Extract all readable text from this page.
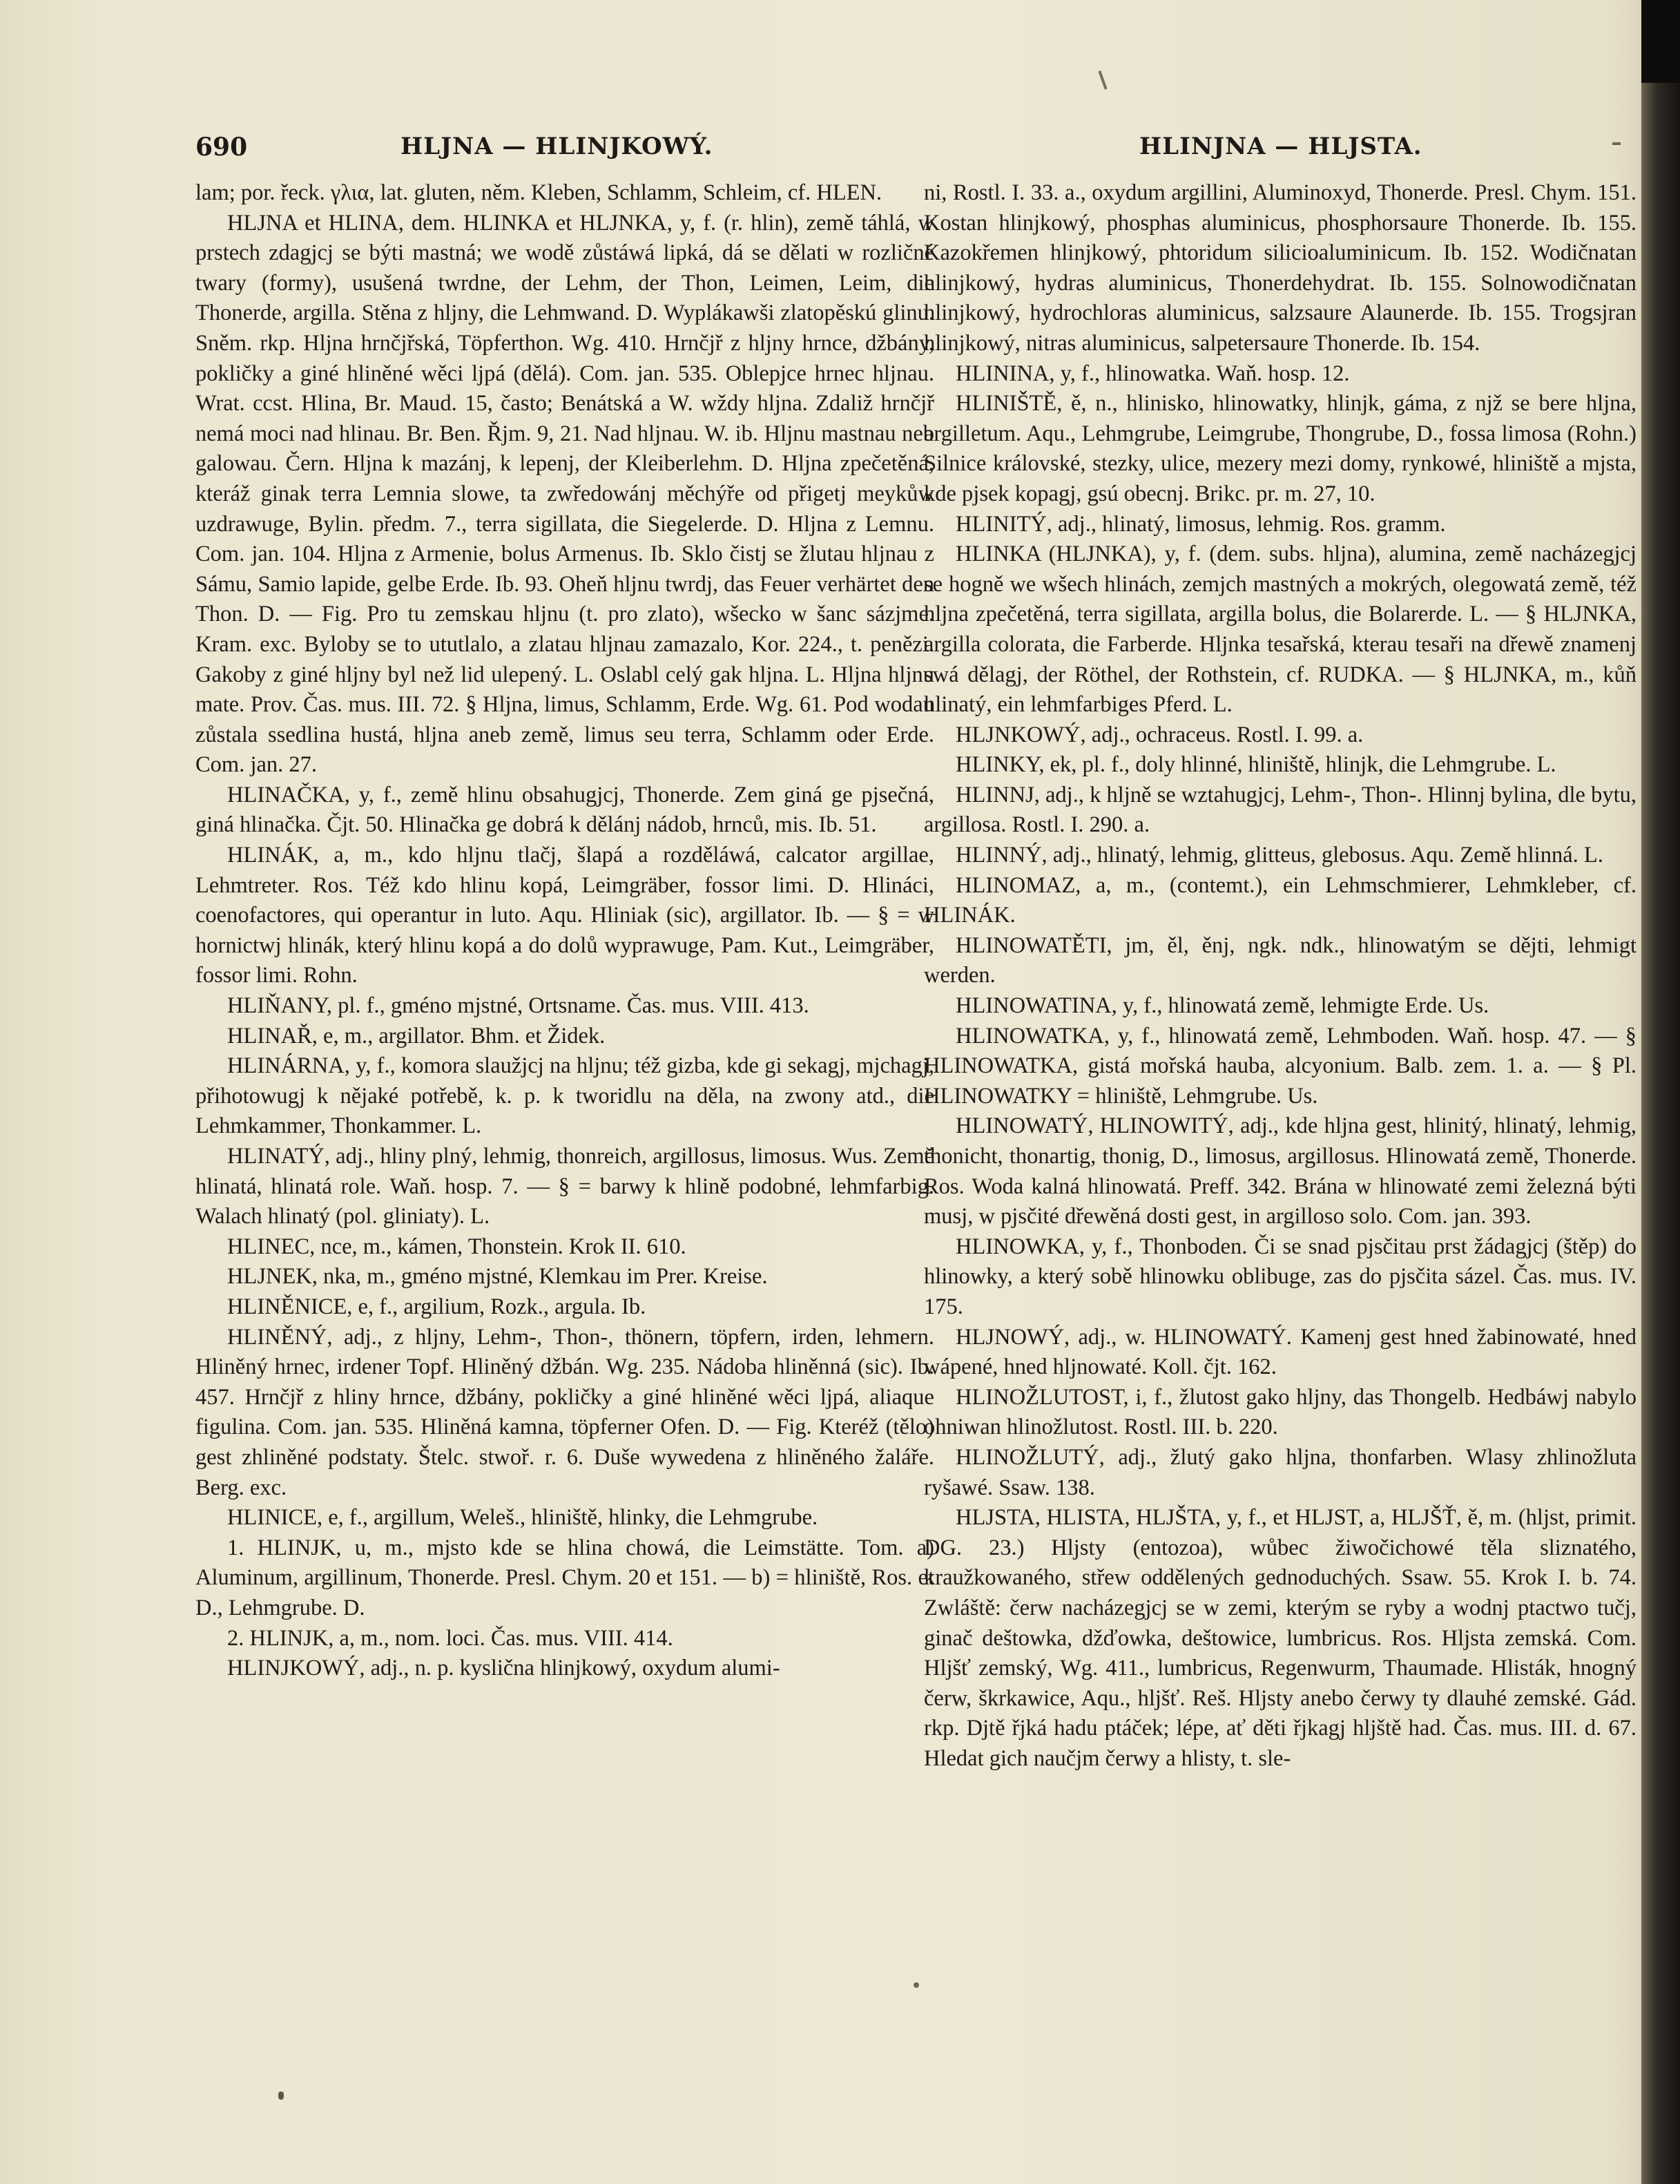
690	HLJNA — HLINJKOWÝ.	HLINJNA — HLJSTA.

lam; por. řeck. γλια, lat. gluten, něm. Kleben, Schlamm, Schleim, cf. HLEN.

HLJNA et HLINA, dem. HLINKA et HLJNKA, y, f. (r. hlin), země táhlá, w prstech zdagjcj se býti mastná; we wodě zůstáwá lipká, dá se dělati w rozličné twary (formy), usušená twrdne, der Lehm, der Thon, Leimen, Leim, die Thonerde, argilla. Stěna z hljny, die Lehmwand. D. Wyplákawši zlatopěskú glinu. Sněm. rkp. Hljna hrnčjřská, Töpferthon. Wg. 410. Hrnčjř z hljny hrnce, džbány, pokličky a giné hliněné wěci ljpá (dělá). Com. jan. 535. Oblepjce hrnec hljnau. Wrat. ccst. Hlina, Br. Maud. 15, často; Benátská a W. wždy hljna. Zdaliž hrnčjř nemá moci nad hlinau. Br. Ben. Řjm. 9, 21. Nad hljnau. W. ib. Hljnu mastnau neb galowau. Čern. Hljna k mazánj, k lepenj, der Kleiberlehm. D. Hljna zpečetěná, kteráž ginak terra Lemnia slowe, ta zwředowánj měchýře od přigetj meykůw uzdrawuge, Bylin. předm. 7., terra sigillata, die Siegelerde. D. Hljna z Lemnu. Com. jan. 104. Hljna z Armenie, bolus Armenus. Ib. Sklo čistj se žlutau hljnau z Sámu, Samio lapide, gelbe Erde. Ib. 93. Oheň hljnu twrdj, das Feuer verhärtet den Thon. D. — Fig. Pro tu zemskau hljnu (t. pro zlato), wšecko w šanc sázjme. Kram. exc. Byloby se to ututlalo, a zlatau hljnau zamazalo, Kor. 224., t. penězi. Gakoby z giné hljny byl než lid ulepený. L. Oslabl celý gak hljna. L. Hljna hljnu mate. Prov. Čas. mus. III. 72. § Hljna, limus, Schlamm, Erde. Wg. 61. Pod wodau zůstala ssedlina hustá, hljna aneb země, limus seu terra, Schlamm oder Erde. Com. jan. 27.

HLINAČKA, y, f., země hlinu obsahugjcj, Thonerde. Zem giná ge pjsečná, giná hlinačka. Čjt. 50. Hlinačka ge dobrá k dělánj nádob, hrnců, mis. Ib. 51.

HLINÁK, a, m., kdo hljnu tlačj, šlapá a rozděláwá, calcator argillae, Lehmtreter. Ros. Též kdo hlinu kopá, Leimgräber, fossor limi. D. Hlináci, coenofactores, qui operantur in luto. Aqu. Hliniak (sic), argillator. Ib. — § = w hornictwj hlinák, který hlinu kopá a do dolů wyprawuge, Pam. Kut., Leimgräber, fossor limi. Rohn.

HLIŇANY, pl. f., gméno mjstné, Ortsname. Čas. mus. VIII. 413.

HLINAŘ, e, m., argillator. Bhm. et Židek.

HLINÁRNA, y, f., komora slaužjcj na hljnu; též gizba, kde gi sekagj, mjchagj, přihotowugj k nějaké potřebě, k. p. k tworidlu na děla, na zwony atd., die Lehmkammer, Thonkammer. L.

HLINATÝ, adj., hliny plný, lehmig, thonreich, argillosus, limosus. Wus. Země hlinatá, hlinatá role. Waň. hosp. 7. — § = barwy k hlině podobné, lehmfarbig. Walach hlinatý (pol. gliniaty). L.

HLINEC, nce, m., kámen, Thonstein. Krok II. 610.

HLJNEK, nka, m., gméno mjstné, Klemkau im Prer. Kreise.

HLINĚNICE, e, f., argilium, Rozk., argula. Ib.

HLINĚNÝ, adj., z hljny, Lehm-, Thon-, thönern, töpfern, irden, lehmern. Hliněný hrnec, irdener Topf. Hliněný džbán. Wg. 235. Nádoba hliněnná (sic). Ib. 457. Hrnčjř z hliny hrnce, džbány, pokličky a giné hliněné wěci ljpá, aliaque figulina. Com. jan. 535. Hliněná kamna, töpferner Ofen. D. — Fig. Kteréž (tělo) gest zhliněné podstaty. Štelc. stwoř. r. 6. Duše wywedena z hliněného žaláře. Berg. exc.

HLINICE, e, f., argillum, Weleš., hliniště, hlinky, die Lehmgrube.

1. HLINJK, u, m., mjsto kde se hlina chowá, die Leimstätte. Tom. a) Aluminum, argillinum, Thonerde. Presl. Chym. 20 et 151. — b) = hliniště, Ros. et D., Lehmgrube. D.

2. HLINJK, a, m., nom. loci. Čas. mus. VIII. 414.

HLINJKOWÝ, adj., n. p. kyslična hlinjkowý, oxydum alumi-

ni, Rostl. I. 33. a., oxydum argillini, Aluminoxyd, Thonerde. Presl. Chym. 151. Kostan hlinjkowý, phosphas aluminicus, phosphorsaure Thonerde. Ib. 155. Kazokřemen hlinjkowý, phtoridum silicioaluminicum. Ib. 152. Wodičnatan hlinjkowý, hydras aluminicus, Thonerdehydrat. Ib. 155. Solnowodičnatan hlinjkowý, hydrochloras aluminicus, salzsaure Alaunerde. Ib. 155. Trogsjran hlinjkowý, nitras aluminicus, salpetersaure Thonerde. Ib. 154.

HLININA, y, f., hlinowatka. Waň. hosp. 12.

HLINIŠTĚ, ě, n., hlinisko, hlinowatky, hlinjk, gáma, z njž se bere hljna, argilletum. Aqu., Lehmgrube, Leimgrube, Thongrube, D., fossa limosa (Rohn.) Silnice královské, stezky, ulice, mezery mezi domy, rynkowé, hliniště a mjsta, kde pjsek kopagj, gsú obecnj. Brikc. pr. m. 27, 10.

HLINITÝ, adj., hlinatý, limosus, lehmig. Ros. gramm.

HLINKA (HLJNKA), y, f. (dem. subs. hljna), alumina, země nacházegjcj se hogně we wšech hlinách, zemjch mastných a mokrých, olegowatá země, též hljna zpečetěná, terra sigillata, argilla bolus, die Bolarerde. L. — § HLJNKA, argilla colorata, die Farberde. Hljnka tesařská, kterau tesaři na dřewě znamenj swá dělagj, der Röthel, der Rothstein, cf. RUDKA. — § HLJNKA, m., kůň hlinatý, ein lehmfarbiges Pferd. L.

HLJNKOWÝ, adj., ochraceus. Rostl. I. 99. a.

HLINKY, ek, pl. f., doly hlinné, hliniště, hlinjk, die Lehmgrube. L.

HLINNJ, adj., k hljně se wztahugjcj, Lehm-, Thon-. Hlinnj bylina, dle bytu, argillosa. Rostl. I. 290. a.

HLINNÝ, adj., hlinatý, lehmig, glitteus, glebosus. Aqu. Země hlinná. L.

HLINOMAZ, a, m., (contemt.), ein Lehmschmierer, Lehmkleber, cf. HLINÁK.

HLINOWATĚTI, jm, ěl, ěnj, ngk. ndk., hlinowatým se dějti, lehmigt werden.

HLINOWATINA, y, f., hlinowatá země, lehmigte Erde. Us.

HLINOWATKA, y, f., hlinowatá země, Lehmboden. Waň. hosp. 47. — § HLINOWATKA, gistá mořská hauba, alcyonium. Balb. zem. 1. a. — § Pl. HLINOWATKY = hliniště, Lehmgrube. Us.

HLINOWATÝ, HLINOWITÝ, adj., kde hljna gest, hlinitý, hlinatý, lehmig, thonicht, thonartig, thonig, D., limosus, argillosus. Hlinowatá země, Thonerde. Ros. Woda kalná hlinowatá. Preff. 342. Brána w hlinowaté zemi železná býti musj, w pjsčité dřewěná dosti gest, in argilloso solo. Com. jan. 393.

HLINOWKA, y, f., Thonboden. Či se snad pjsčitau prst žádagjcj (štěp) do hlinowky, a který sobě hlinowku oblibuge, zas do pjsčita sázel. Čas. mus. IV. 175.

HLJNOWÝ, adj., w. HLINOWATÝ. Kamenj gest hned žabinowaté, hned wápené, hned hljnowaté. Koll. čjt. 162.

HLINOŽLUTOST, i, f., žlutost gako hljny, das Thongelb. Hedbáwj nabylo ohniwan hlinožlutost. Rostl. III. b. 220.

HLINOŽLUTÝ, adj., žlutý gako hljna, thonfarben. Wlasy zhlinožluta ryšawé. Ssaw. 138.

HLJSTA, HLISTA, HLJŠTA, y, f., et HLJST, a, HLJŠŤ, ě, m. (hljst, primit. DG. 23.) Hljsty (entozoa), wůbec žiwočichowé těla sliznatého, kraužkowaného, střew oddělených gednoduchých. Ssaw. 55. Krok I. b. 74. Zwláště: čerw nacházegjcj se w zemi, kterým se ryby a wodnj ptactwo tučj, ginač deštowka, džďowka, deštowice, lumbricus. Ros. Hljsta zemská. Com. Hljšť zemský, Wg. 411., lumbricus, Regenwurm, Thaumade. Hlisták, hnogný čerw, škrkawice, Aqu., hljšť. Reš. Hljsty anebo čerwy ty dlauhé zemské. Gád. rkp. Djtě řjká hadu ptáček; lépe, ať děti řjkagj hljště had. Čas. mus. III. d. 67. Hledat gich naučjm čerwy a hlisty, t. sle-
